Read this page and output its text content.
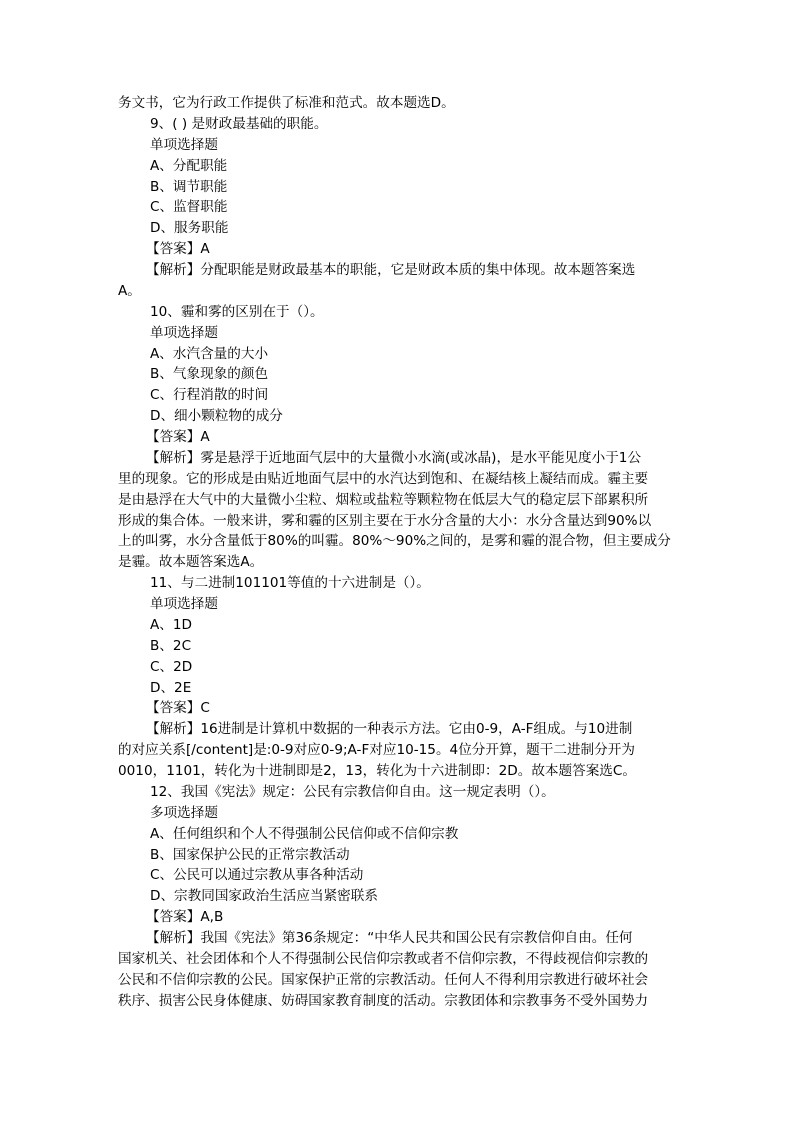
务文书，它为行政工作提供了标准和范式。故本题选D。
9、( ) 是财政最基础的职能。
单项选择题
A、分配职能
B、调节职能
C、监督职能
D、服务职能
【答案】A
【解析】分配职能是财政最基本的职能，它是财政本质的集中体现。故本题答案选
A。
10、霾和雾的区别在于（）。
单项选择题
A、水汽含量的大小
B、气象现象的颜色
C、行程消散的时间
D、细小颗粒物的成分
【答案】A
【解析】雾是悬浮于近地面气层中的大量微小水滴(或冰晶)，是水平能见度小于1公
里的现象。它的形成是由贴近地面气层中的水汽达到饱和、在凝结核上凝结而成。霾主要
是由悬浮在大气中的大量微小尘粒、烟粒或盐粒等颗粒物在低层大气的稳定层下部累积所
形成的集合体。一般来讲，雾和霾的区别主要在于水分含量的大小：水分含量达到90%以
上的叫雾，水分含量低于80%的叫霾。80%～90%之间的，是雾和霾的混合物，但主要成分
是霾。故本题答案选A。
11、与二进制101101等值的十六进制是（）。
单项选择题
A、1D
B、2C
C、2D
D、2E
【答案】C
【解析】16进制是计算机中数据的一种表示方法。它由0-9，A-F组成。与10进制
的对应关系[/content]是:0-9对应0-9;A-F对应10-15。4位分开算，题干二进制分开为
0010，1101，转化为十进制即是2，13，转化为十六进制即：2D。故本题答案选C。
12、我国《宪法》规定：公民有宗教信仰自由。这一规定表明（）。
多项选择题
A、任何组织和个人不得强制公民信仰或不信仰宗教
B、国家保护公民的正常宗教活动
C、公民可以通过宗教从事各种活动
D、宗教同国家政治生活应当紧密联系
【答案】A,B
【解析】我国《宪法》第36条规定：“中华人民共和国公民有宗教信仰自由。任何
国家机关、社会团体和个人不得强制公民信仰宗教或者不信仰宗教，不得歧视信仰宗教的
公民和不信仰宗教的公民。国家保护正常的宗教活动。任何人不得利用宗教进行破坏社会
秩序、损害公民身体健康、妨碍国家教育制度的活动。宗教团体和宗教事务不受外国势力
